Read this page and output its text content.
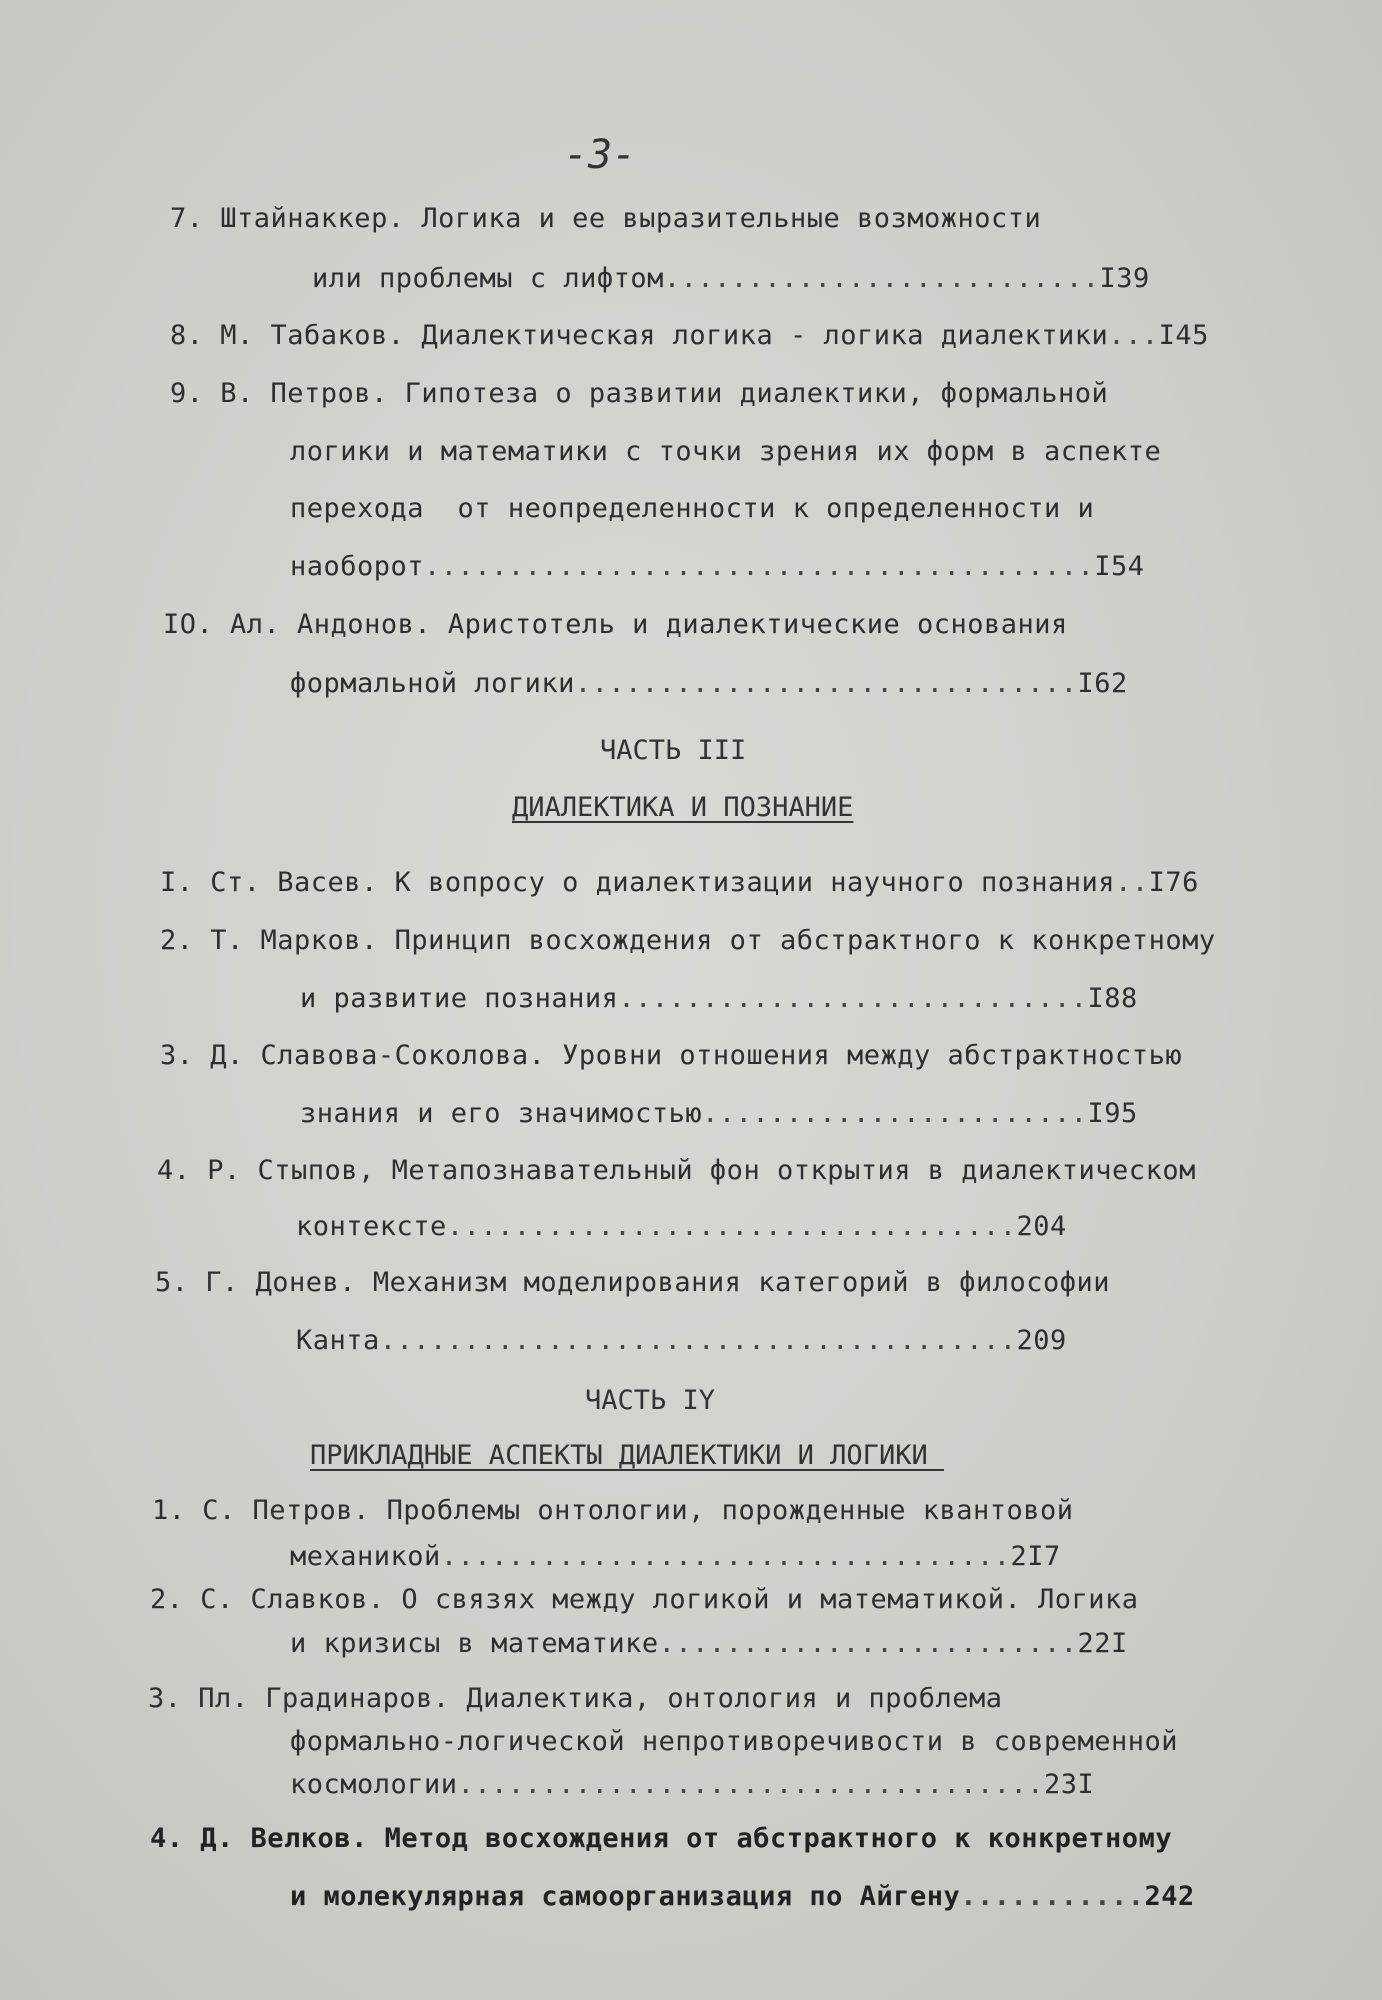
-3-
7. Штайнаккер. Логика и ее выразительные возможности
или проблемы с лифтом..........................I39
8. М. Табаков. Диалектическая логика - логика диалектики...I45
9. В. Петров. Гипотеза о развитии диалектики, формальной
логики и математики с точки зрения их форм в аспекте
перехода  от неопределенности к определенности и
наоборот........................................I54
IO. Ал. Андонов. Аристотель и диалектические основания
формальной логики..............................I62
ЧАСТЬ III
ДИАЛЕКТИКА И ПОЗНАНИЕ
I. Ст. Васев. К вопросу о диалектизации научного познания..I76
2. Т. Марков. Принцип восхождения от абстрактного к конкретному
и развитие познания............................I88
3. Д. Славова-Соколова. Уровни отношения между абстрактностью
знания и его значимостью.......................I95
4. Р. Стыпов, Метапознавательный фон открытия в диалектическом
контексте..................................204
5. Г. Донев. Механизм моделирования категорий в философии
Канта......................................209
ЧАСТЬ IY
ПРИКЛАДНЫЕ АСПЕКТЫ ДИАЛЕКТИКИ И ЛОГИКИ
1. С. Петров. Проблемы онтологии, порожденные квантовой
механикой..................................2I7
2. С. Славков. О связях между логикой и математикой. Логика
и кризисы в математике.........................22I
3. Пл. Градинаров. Диалектика, онтология и проблема
формально-логической непротиворечивости в современной
космологии...................................23I
4. Д. Велков. Метод восхождения от абстрактного к конкретному
и молекулярная самоорганизация по Айгену...........242
